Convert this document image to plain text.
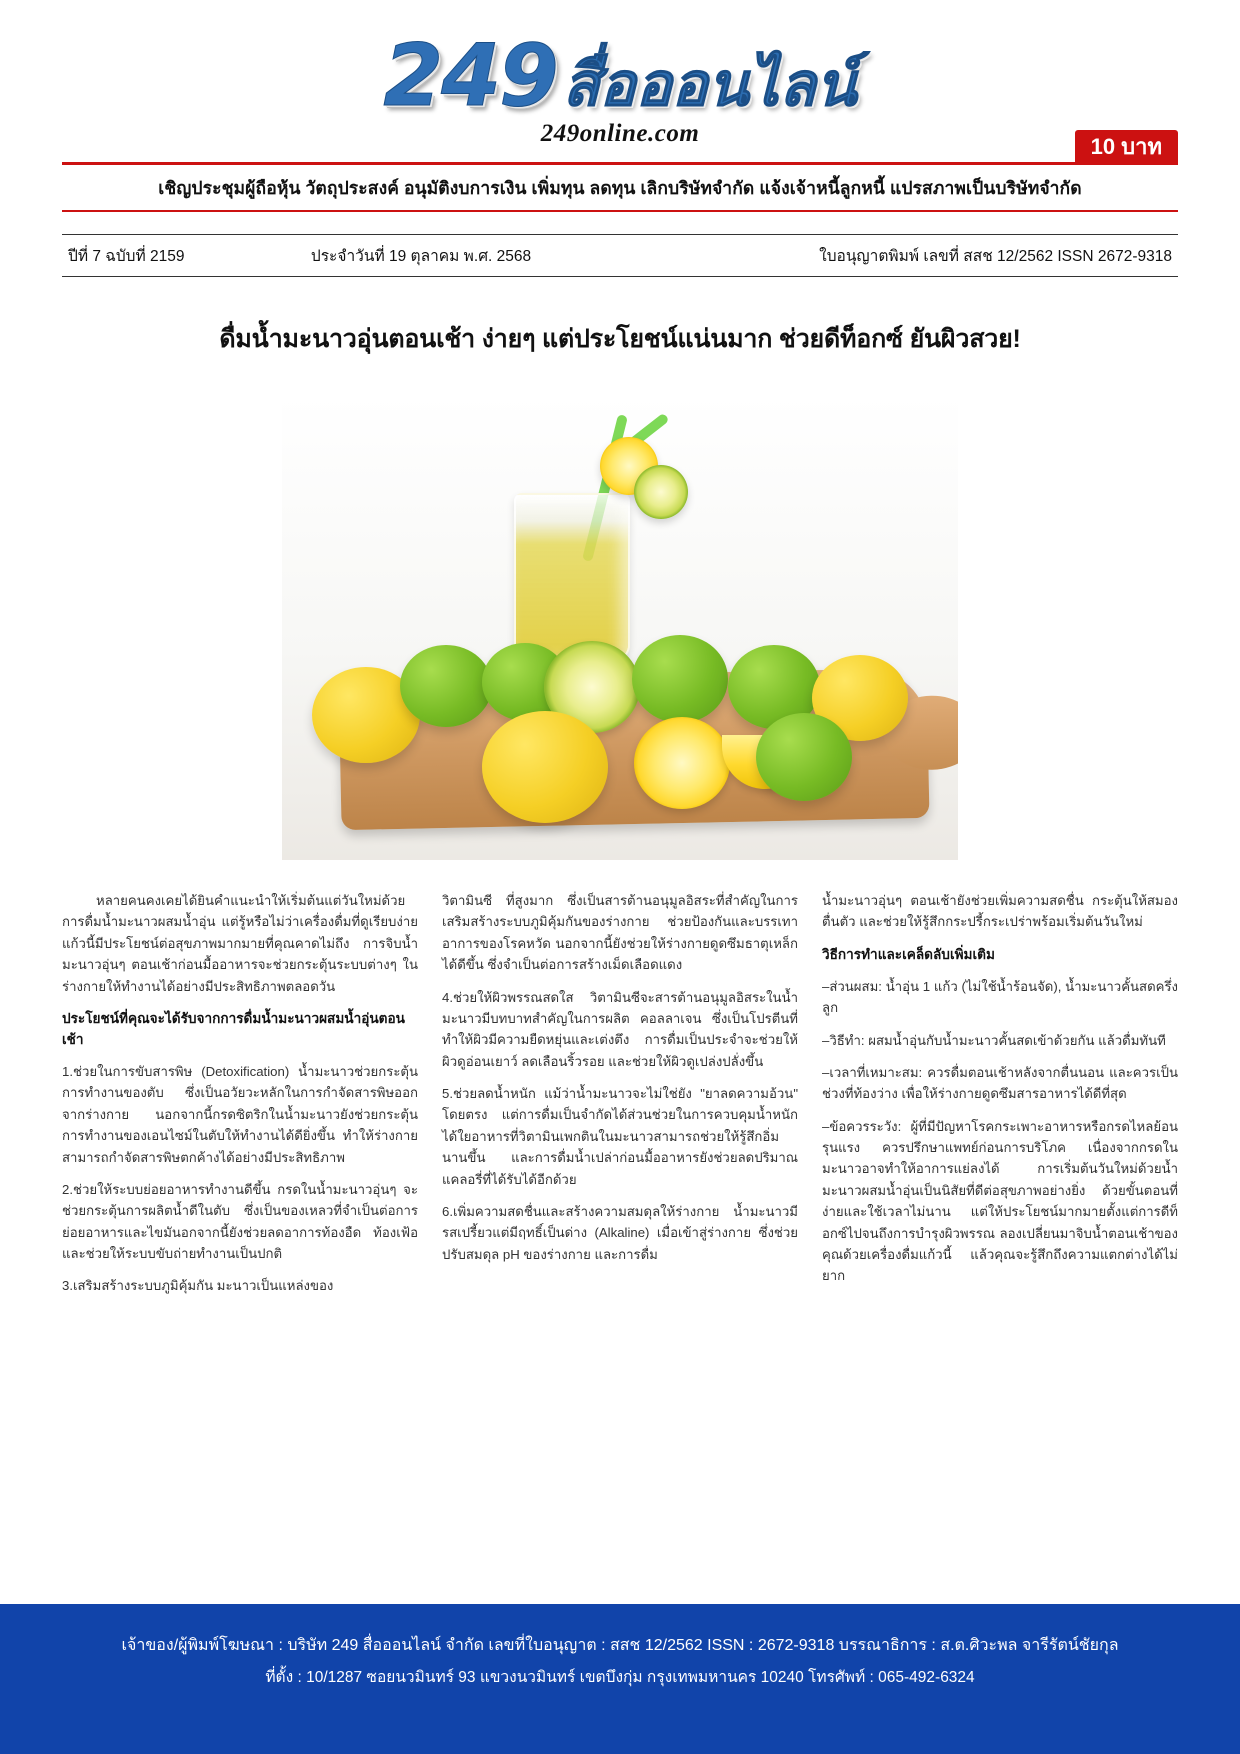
249 สื่อออนไลน์
249online.com	10 บาท
เชิญประชุมผู้ถือหุ้น วัตถุประสงค์ อนุมัติงบการเงิน เพิ่มทุน ลดทุน เลิกบริษัทจำกัด แจ้งเจ้าหนี้ลูกหนี้ แปรสภาพเป็นบริษัทจำกัด
ปีที่ 7 ฉบับที่ 2159	ประจำวันที่ 19 ตุลาคม พ.ศ. 2568	ใบอนุญาตพิมพ์ เลขที่ สสช 12/2562 ISSN 2672-9318
ดื่มน้ำมะนาวอุ่นตอนเช้า ง่ายๆ แต่ประโยชน์แน่นมาก ช่วยดีท็อกซ์ ยันผิวสวย!

หลายคนคงเคยได้ยินคำแนะนำให้เริ่มต้นแต่วันใหม่ด้วยการดื่มน้ำมะนาวผสมน้ำอุ่น แต่รู้หรือไม่ว่าเครื่องดื่มที่ดูเรียบง่ายแก้วนี้มีประโยชน์ต่อสุขภาพมากมายที่คุณคาดไม่ถึง การจิบน้ำมะนาวอุ่นๆ ตอนเช้าก่อนมื้ออาหารจะช่วยกระตุ้นระบบต่างๆ ในร่างกายให้ทำงานได้อย่างมีประสิทธิภาพตลอดวัน

ประโยชน์ที่คุณจะได้รับจากการดื่มน้ำมะนาวผสมน้ำอุ่นตอนเช้า

1.ช่วยในการขับสารพิษ (Detoxification) น้ำมะนาวช่วยกระตุ้นการทำงานของตับ ซึ่งเป็นอวัยวะหลักในการกำจัดสารพิษออกจากร่างกาย นอกจากนี้กรดซิตริกในน้ำมะนาวยังช่วยกระตุ้นการทำงานของเอนไซม์ในตับให้ทำงานได้ดียิ่งขึ้น ทำให้ร่างกายสามารถกำจัดสารพิษตกค้างได้อย่างมีประสิทธิภาพ

2.ช่วยให้ระบบย่อยอาหารทำงานดีขึ้น กรดในน้ำมะนาวอุ่นๆ จะช่วยกระตุ้นการผลิตน้ำดีในตับ ซึ่งเป็นของเหลวที่จำเป็นต่อการย่อยอาหารและไขมันอกจากนี้ยังช่วยลดอาการท้องอืด ท้องเฟ้อ และช่วยให้ระบบขับถ่ายทำงานเป็นปกติ

3.เสริมสร้างระบบภูมิคุ้มกัน มะนาวเป็นแหล่งของ

วิตามินซี ที่สูงมาก ซึ่งเป็นสารต้านอนุมูลอิสระที่สำคัญในการเสริมสร้างระบบภูมิคุ้มกันของร่างกาย ช่วยป้องกันและบรรเทาอาการของโรคหวัด นอกจากนี้ยังช่วยให้ร่างกายดูดซึมธาตุเหล็กได้ดีขึ้น ซึ่งจำเป็นต่อการสร้างเม็ดเลือดแดง

4.ช่วยให้ผิวพรรณสดใส วิตามินซีจะสารต้านอนุมูลอิสระในน้ำมะนาวมีบทบาทสำคัญในการผลิต คอลลาเจน ซึ่งเป็นโปรตีนที่ทำให้ผิวมีความยืดหยุ่นและเต่งตึง การดื่มเป็นประจำจะช่วยให้ผิวดูอ่อนเยาว์ ลดเลือนริ้วรอย และช่วยให้ผิวดูเปล่งปลั่งขึ้น

5.ช่วยลดน้ำหนัก แม้ว่าน้ำมะนาวจะไม่ใช่ยัง "ยาลดความอ้วน" โดยตรง แต่การดื่มเป็นจำกัดได้ส่วนช่วยในการควบคุมน้ำหนักได้ใยอาหารที่วิตามินเพกตินในมะนาวสามารถช่วยให้รู้สึกอิ่มนานขึ้น และการดื่มน้ำเปล่าก่อนมื้ออาหารยังช่วยลดปริมาณแคลอรี่ที่ได้รับได้อีกด้วย

6.เพิ่มความสดชื่นและสร้างความสมดุลให้ร่างกาย น้ำมะนาวมีรสเปรี้ยวแต่มีฤทธิ์เป็นด่าง (Alkaline) เมื่อเข้าสู่ร่างกาย ซึ่งช่วยปรับสมดุล pH ของร่างกาย และการดื่ม

น้ำมะนาวอุ่นๆ ตอนเช้ายังช่วยเพิ่มความสดชื่น กระตุ้นให้สมองตื่นตัว และช่วยให้รู้สึกกระปรี้กระเปร่าพร้อมเริ่มต้นวันใหม่

วิธีการทำและเคล็ดลับเพิ่มเติม

–ส่วนผสม: น้ำอุ่น 1 แก้ว (ไม่ใช้น้ำร้อนจัด), น้ำมะนาวคั้นสดครึ่งลูก

–วิธีทำ: ผสมน้ำอุ่นกับน้ำมะนาวคั้นสดเข้าด้วยกัน แล้วดื่มทันที

–เวลาที่เหมาะสม: ควรดื่มตอนเช้าหลังจากตื่นนอน และควรเป็นช่วงที่ท้องว่าง เพื่อให้ร่างกายดูดซึมสารอาหารได้ดีที่สุด

–ข้อควรระวัง: ผู้ที่มีปัญหาโรคกระเพาะอาหารหรือกรดไหลย้อนรุนแรง ควรปรึกษาแพทย์ก่อนการบริโภค เนื่องจากกรดในมะนาวอาจทำให้อาการแย่ลงได้ การเริ่มต้นวันใหม่ด้วยน้ำมะนาวผสมน้ำอุ่นเป็นนิสัยที่ดีต่อสุขภาพอย่างยิ่ง ด้วยขั้นตอนที่ง่ายและใช้เวลาไม่นาน แต่ให้ประโยชน์มากมายตั้งแต่การดีท็อกซ์ไปจนถึงการบำรุงผิวพรรณ ลองเปลี่ยนมาจิบน้ำตอนเช้าของคุณด้วยเครื่องดื่มแก้วนี้ แล้วคุณจะรู้สึกถึงความแตกต่างได้ไม่ยาก

เจ้าของ/ผู้พิมพ์โฆษณา : บริษัท 249 สื่อออนไลน์ จำกัด เลขที่ใบอนุญาต : สสช 12/2562 ISSN : 2672-9318 บรรณาธิการ : ส.ต.ศิวะพล จารีรัตน์ชัยกุล
ที่ตั้ง : 10/1287 ซอยนวมินทร์ 93 แขวงนวมินทร์ เขตบึงกุ่ม กรุงเทพมหานคร 10240 โทรศัพท์ : 065-492-6324
